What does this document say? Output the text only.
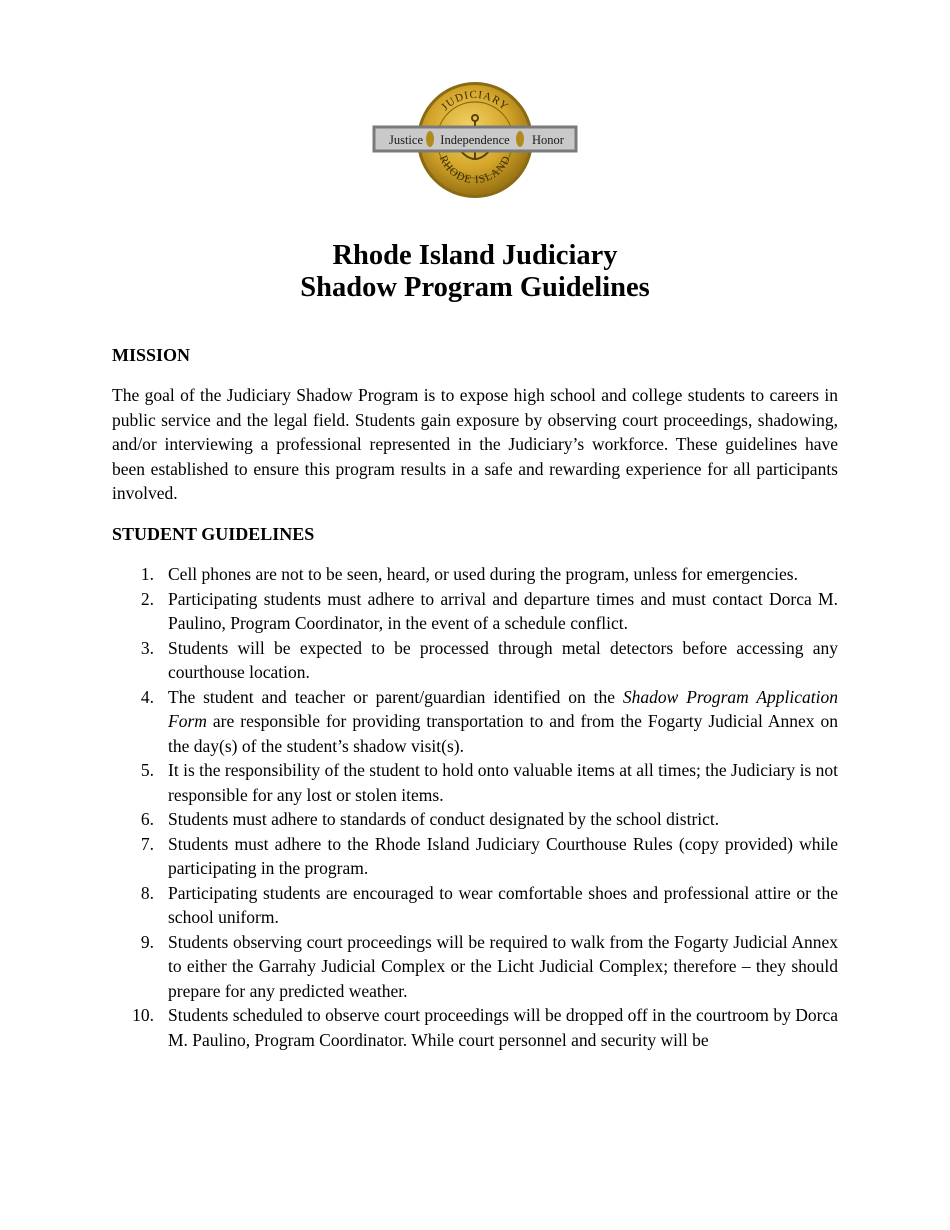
JUDICIARY
RHODE ISLAND
Justice Independence Honor
Rhode Island Judiciary
Shadow Program Guidelines
MISSION
The goal of the Judiciary Shadow Program is to expose high school and college students to careers in public service and the legal field. Students gain exposure by observing court proceedings, shadowing, and/or interviewing a professional represented in the Judiciary’s workforce. These guidelines have been established to ensure this program results in a safe and rewarding experience for all participants involved.
STUDENT GUIDELINES
1. Cell phones are not to be seen, heard, or used during the program, unless for emergencies.
2. Participating students must adhere to arrival and departure times and must contact Dorca M. Paulino, Program Coordinator, in the event of a schedule conflict.
3. Students will be expected to be processed through metal detectors before accessing any courthouse location.
4. The student and teacher or parent/guardian identified on the Shadow Program Application Form are responsible for providing transportation to and from the Fogarty Judicial Annex on the day(s) of the student’s shadow visit(s).
5. It is the responsibility of the student to hold onto valuable items at all times; the Judiciary is not responsible for any lost or stolen items.
6. Students must adhere to standards of conduct designated by the school district.
7. Students must adhere to the Rhode Island Judiciary Courthouse Rules (copy provided) while participating in the program.
8. Participating students are encouraged to wear comfortable shoes and professional attire or the school uniform.
9. Students observing court proceedings will be required to walk from the Fogarty Judicial Annex to either the Garrahy Judicial Complex or the Licht Judicial Complex; therefore – they should prepare for any predicted weather.
10. Students scheduled to observe court proceedings will be dropped off in the courtroom by Dorca M. Paulino, Program Coordinator. While court personnel and security will be
